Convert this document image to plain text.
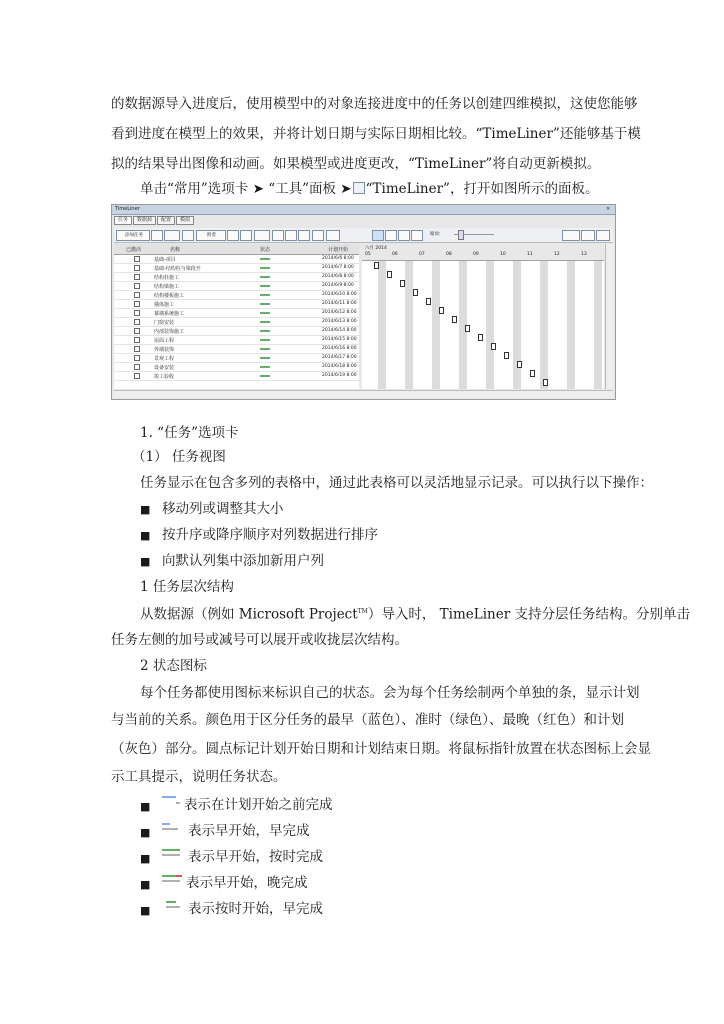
的数据源导入进度后，使用模型中的对象连接进度中的任务以创建四维模拟，这使您能够
看到进度在模型上的效果，并将计划日期与实际日期相比较。“TimeLiner”还能够基于模
拟的结果导出图像和动画。如果模型或进度更改，“TimeLiner”将自动更新模拟。
单击“常用”选项卡 ➤ “工具”面板 ➤ “TimeLiner”，打开如图所示的面板。
TimeLiner	×
任务 数据源 配置 模拟
添加任务	附着	缩放:
已激活	名称	状态	计划开始
基础-项目	2014/6/6 8:00
基础-结构柱与梁段开	2014/6/7 8:00
结构柱施工	2014/6/8 8:00
结构梁施工	2014/6/9 8:00
结构楼板施工	2014/6/10 8:00
墙体施工	2014/6/11 8:00
幕墙系统施工	2014/6/12 8:00
门窗安装	2014/6/13 8:00
内部装饰施工	2014/6/14 8:00
屋面工程	2014/6/15 8:00
外墙装饰	2014/6/16 8:00
景观工程	2014/6/17 8:00
设备安装	2014/6/18 8:00
竣工验收	2014/6/19 8:00
六月 2014
05	06	07	08	09	10	11	12	13
1. “任务”选项卡
（1） 任务视图
任务显示在包含多列的表格中，通过此表格可以灵活地显示记录。可以执行以下操作：
■ 移动列或调整其大小
■ 按升序或降序顺序对列数据进行排序
■ 向默认列集中添加新用户列
1 任务层次结构
从数据源（例如 Microsoft Project™）导入时， TimeLiner 支持分层任务结构。分别单击
任务左侧的加号或减号可以展开或收拢层次结构。
2 状态图标
每个任务都使用图标来标识自己的状态。会为每个任务绘制两个单独的条，显示计划
与当前的关系。颜色用于区分任务的最早（蓝色）、准时（绿色）、最晚（红色）和计划
（灰色）部分。圆点标记计划开始日期和计划结束日期。将鼠标指针放置在状态图标上会显
示工具提示，说明任务状态。
■ 表示在计划开始之前完成
■	表示早开始，早完成
■	表示早开始，按时完成
■	表示早开始，晚完成
■	表示按时开始，早完成
